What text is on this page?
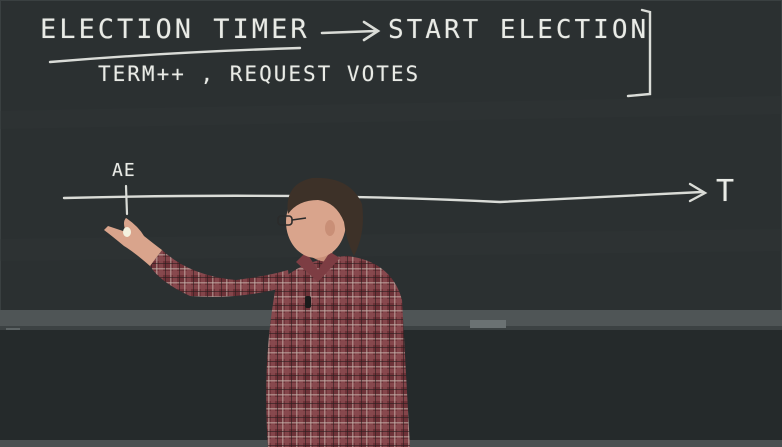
ELECTION TIMER	START ELECTION
TERM++ , REQUEST VOTES
AE
T
